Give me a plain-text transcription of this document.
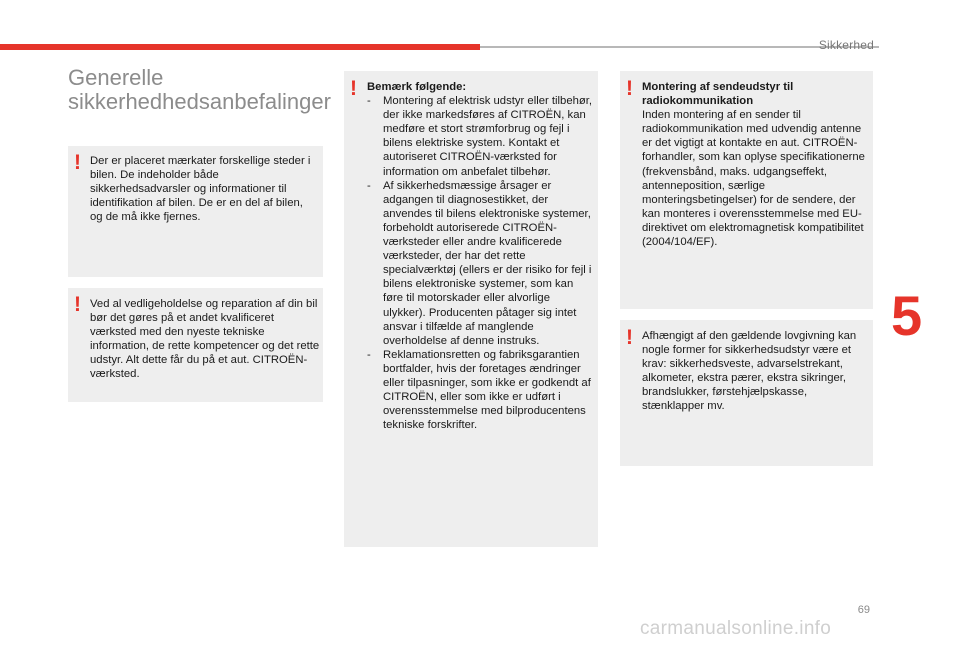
Sikkerhed
5
Generelle
sikkerhedhedsanbefalinger
! Der er placeret mærkater forskellige steder i bilen. De indeholder både sikkerhedsadvarsler og informationer til identifikation af bilen. De er en del af bilen, og de må ikke fjernes.

! Ved al vedligeholdelse og reparation af din bil bør det gøres på et andet kvalificeret værksted med den nyeste tekniske information, de rette kompetencer og det rette udstyr. Alt dette får du på et aut. CITROËN-værksted.

! Bemærk følgende:

-	Montering af elektrisk udstyr eller tilbehør, der ikke markedsføres af CITROËN, kan medføre et stort strømforbrug og fejl i bilens elektriske system. Kontakt et autoriseret CITROËN-værksted for information om anbefalet tilbehør.
-	Af sikkerhedsmæssige årsager er adgangen til diagnosestikket, der anvendes til bilens elektroniske systemer, forbeholdt autoriserede CITROËN-værksteder eller andre kvalificerede værksteder, der har det rette specialværktøj (ellers er der risiko for fejl i bilens elektroniske systemer, som kan føre til motorskader eller alvorlige ulykker). Producenten påtager sig intet ansvar i tilfælde af manglende overholdelse af denne instruks.
-	Reklamationsretten og fabriksgarantien bortfalder, hvis der foretages ændringer eller tilpasninger, som ikke er godkendt af CITROËN, eller som ikke er udført i overensstemmelse med bilproducentens tekniske forskrifter.
! Montering af sendeudstyr til radiokommunikation

Inden montering af en sender til radiokommunikation med udvendig antenne er det vigtigt at kontakte en aut. CITROËN-forhandler, som kan oplyse specifikationerne (frekvensbånd, maks. udgangseffekt, antenneposition, særlige monteringsbetingelser) for de sendere, der kan monteres i overensstemmelse med EU-direktivet om elektromagnetisk kompatibilitet (2004/104/EF).

! Afhængigt af den gældende lovgivning kan nogle former for sikkerhedsudstyr være et krav: sikkerhedsveste, advarselstrekant, alkometer, ekstra pærer, ekstra sikringer, brandslukker, førstehjælpskasse, stænklapper mv.

69
carmanualsonline.info
